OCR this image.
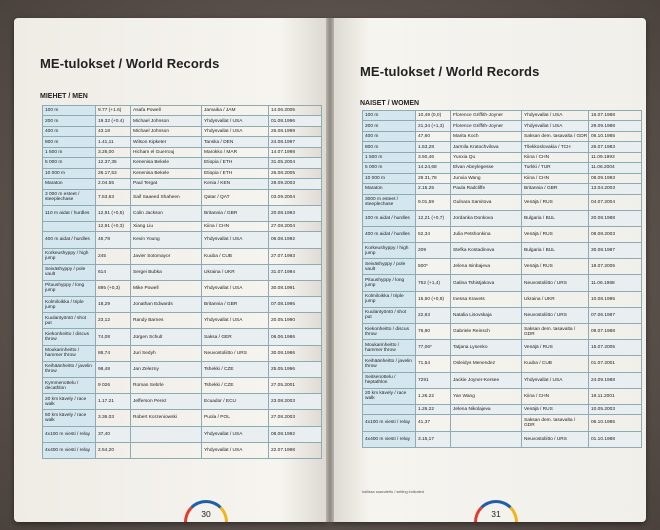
ME-tulokset / World Records
MIEHET / MEN
100 m	9.77 (+1.6)	Asafa Powell	Jamaika / JAM	14.06.2005
200 m	19.32 (+0.4)	Michael Johnson	Yhdysvallat / USA	01.08.1996
400 m	43.18	Michael Johnson	Yhdysvallat / USA	26.08.1999
800 m	1.41,11	Wilson Kipketer	Tanska / DEN	24.08.1997
1 500 m	3.26,00	Hicham el Guerrouj	Marokko / MAR	14.07.1998
5 000 m	12.37,35	Kenenisa Bekele	Etiopia / ETH	31.05.2004
10 000 m	26.17,53	Kenenisa Bekele	Etiopia / ETH	26.08.2005
Maraton	2.04.55	Paul Tergat	Kenia / KEN	28.09.2003
3 000 m esteet / steeplechase	7.53,63	Saif Saaeed Shaheen	Qatar / QAT	03.09.2004
110 m aidat / hurdles	12,91 (+0,5)	Colin Jackson	Britannia / GBR	20.08.1993
	12,91 (+0,3)	Xiang Liu	Kiina / CHN	27.08.2004
400 m aidat / hurdles	46,78	Kevin Young	Yhdysvallat / USA	06.08.1992
Korkeushyppy / high jump	245	Javier Sotomayor	Kuuba / CUB	27.07.1993
Seiväshyppy / pole vault	614	Sergei Bubka	Ukraina / UKR	31.07.1994
Pituushyppy / long jump	895 (+0,3)	Mike Powell	Yhdysvallat / USA	30.08.1991
Kolmiloikka / triple jump	18,29	Jonathan Edwards	Britannia / GBR	07.08.1995
Kuulantyöntö / shot put	23,12	Randy Barnes	Yhdysvallat / USA	20.05.1990
Kiekonheitto / discus throw	74,08	Jürgen Schult	Saksa / GER	06.06.1986
Moukarinheitto / hammer throw	86,74	Juri Sedyh	Neuvostoliitto / URS	30.08.1986
Keihäänheitto / javelin throw	98,48	Jan Zelezny	Tshekki / CZE	25.05.1996
Kymmenottelu / decathlon	9 026	Roman Sebrle	Tshekki / CZE	27.05.2001
20 km kävely / race walk	1.17.21	Jefferson Perez	Ecuador / ECU	23.08.2003
50 km kävely / race walk	3.36.03	Robert Korzeniowski	Puola / POL	27.08.2003
4x100 m viesti / relay	37,40		Yhdysvallat / USA	08.08.1992
4x400 m viesti / relay	2.54,20		Yhdysvallat / USA	22.07.1998
30
ME-tulokset / World Records
NAISET / WOMEN
100 m	10,49 (0,0)	Florence Griffith-Joyner	Yhdysvallat / USA	16.07.1988
200 m	21,34 (+1,3)	Florence Griffith-Joyner	Yhdysvallat / USA	29.09.1988
400 m	47,60	Marita Koch	Saksan dem. tasavalta / GDR	06.10.1985
800 m	1.53,28	Jarmila Kratochvilova	Tšekkoslovakia / TCH	26.07.1983
1 500 m	3.50,46	Yunxia Qu	Kiina / CHN	11.09.1993
5 000 m	14.24,68	Elvan Abeylegesse	Turkki / TUR	11.06.2004
10 000 m	29.31,78	Junxia Wang	Kiina / CHN	08.09.1993
Maraton	2.15.25	Paula Radcliffe	Britannia / GBR	13.04.2003
3000 m esteet / steeplechase	9.01,59	Gulnara Samitova	Venäjä / RUS	04.07.2004
100 m aidat / hurdles	12,21 (+0,7)	Jordanka Donkova	Bulgaria / BUL	20.08.1988
400 m aidat / hurdles	52,34	Julia Petshonkina	Venäjä / RUS	08.08.2003
Korkeushyppy / high jump	209	Stefka Kostadinova	Bulgaria / BUL	30.08.1987
Seiväshyppy / pole vault	500*	Jelena Isinbajeva	Venäjä / RUS	18.07.2005
Pituushyppy / long jump	752 (+1,4)	Galina Tshistjakova	Neuvostoliitto / URS	11.06.1988
Kolmiloikka / triple jump	15,50 (+0,9)	Inessa Kravets	Ukraina / UKR	10.08.1995
Kuulantyöntö / shot put	22,63	Natalia Lisovskaja	Neuvostoliitto / URS	07.06.1987
Kiekonheitto / discus throw	76,80	Gabriele Reinsch	Saksan dem. tasavalta / GDR	09.07.1988
Moukarinheitto / hammer throw	77,06*	Tatjana Lysenko	Venäjä / RUS	15.07.2005
Keihäänheitto / javelin throw	71,54	Osleidys Menendez	Kuuba / CUB	01.07.2001
Seitsenottelu / heptathlon	7291	Jackie Joyner-Kersee	Yhdysvallat / USA	24.09.1988
20 km kävely / race walk	1.26.22	Yan Wang	Kiina / CHN	19.11.2001
	1.26.22	Jelena Nikolajeva	Venäjä / RUS	10.05.2003
4x100 m viesti / relay	41,37		Saksan dem. tasavalta / GDR	06.10.1985
4x400 m viesti / relay	3.15,17		Neuvostoliitto / URS	01.10.1988
hallissa saavutettu / setting indicated
31
